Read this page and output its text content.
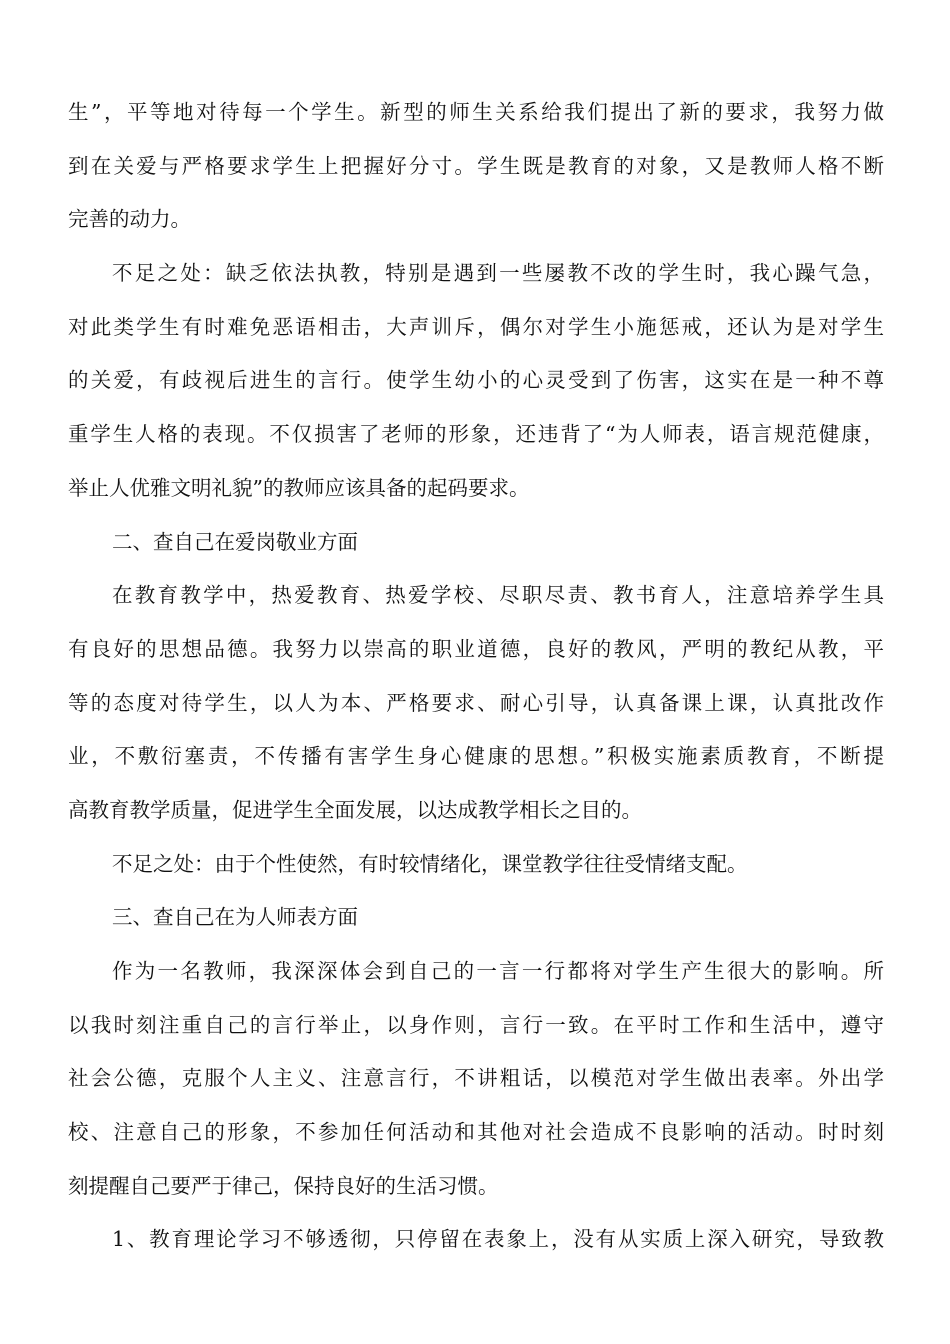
生”，平等地对待每一个学生。新型的师生关系给我们提出了新的要求，我努力做
到在关爱与严格要求学生上把握好分寸。学生既是教育的对象，又是教师人格不断
完善的动力。
不足之处：缺乏依法执教，特别是遇到一些屡教不改的学生时，我心躁气急，
对此类学生有时难免恶语相击，大声训斥，偶尔对学生小施惩戒，还认为是对学生
的关爱，有歧视后进生的言行。使学生幼小的心灵受到了伤害，这实在是一种不尊
重学生人格的表现。不仅损害了老师的形象，还违背了“为人师表，语言规范健康，
举止人优雅文明礼貌”的教师应该具备的起码要求。
二、查自己在爱岗敬业方面
在教育教学中，热爱教育、热爱学校、尽职尽责、教书育人，注意培养学生具
有良好的思想品德。我努力以崇高的职业道德，良好的教风，严明的教纪从教，平
等的态度对待学生，以人为本、严格要求、耐心引导，认真备课上课，认真批改作
业，不敷衍塞责，不传播有害学生身心健康的思想。”积极实施素质教育，不断提
高教育教学质量，促进学生全面发展，以达成教学相长之目的。
不足之处：由于个性使然，有时较情绪化，课堂教学往往受情绪支配。
三、查自己在为人师表方面
作为一名教师，我深深体会到自己的一言一行都将对学生产生很大的影响。所
以我时刻注重自己的言行举止，以身作则，言行一致。在平时工作和生活中，遵守
社会公德，克服个人主义、注意言行，不讲粗话，以模范对学生做出表率。外出学
校、注意自己的形象，不参加任何活动和其他对社会造成不良影响的活动。时时刻
刻提醒自己要严于律己，保持良好的生活习惯。
1、教育理论学习不够透彻，只停留在表象上，没有从实质上深入研究，导致教
